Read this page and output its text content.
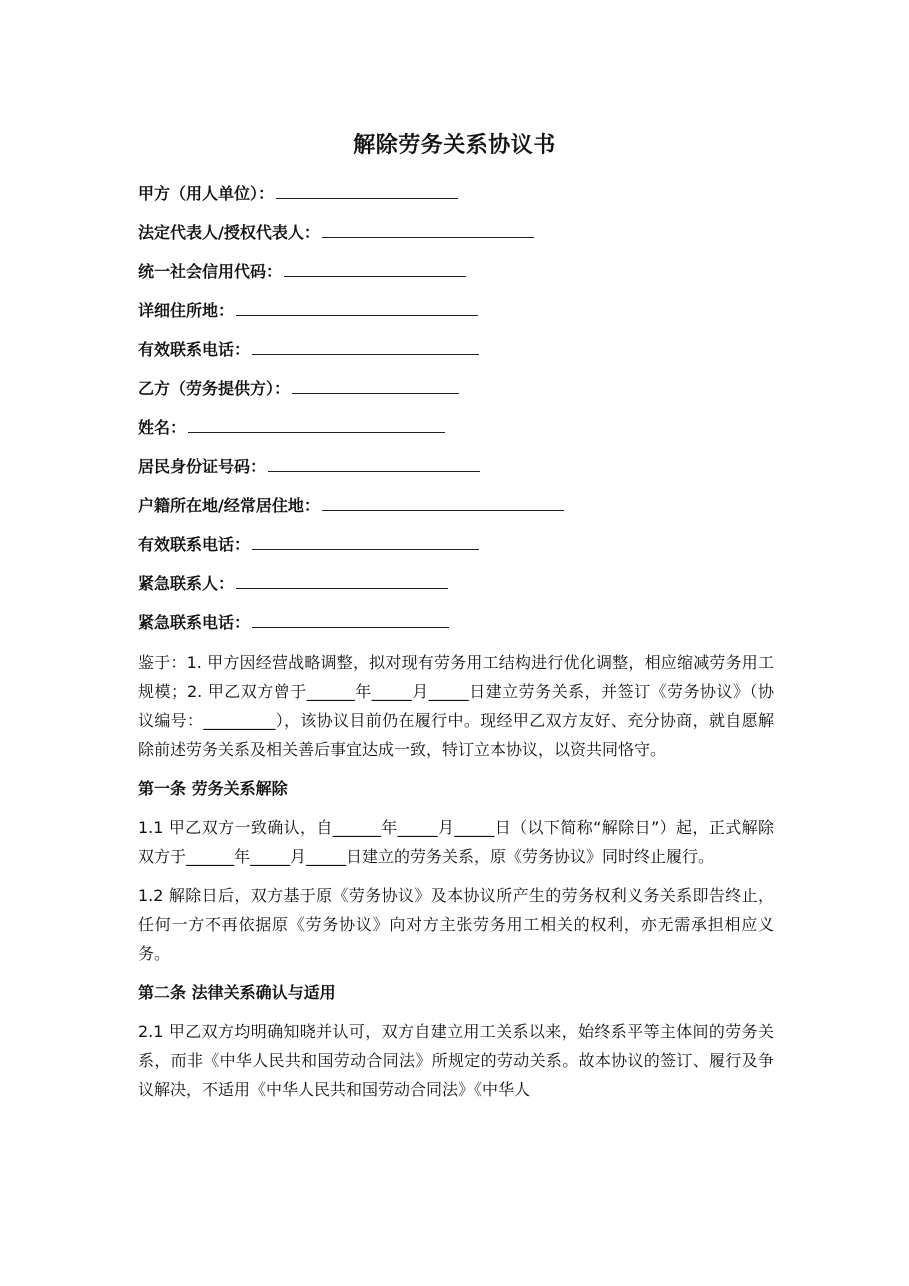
解除劳务关系协议书
甲方（用人单位）：
法定代表人/授权代表人：
统一社会信用代码：
详细住所地：
有效联系电话：
乙方（劳务提供方）：
姓名：
居民身份证号码：
户籍所在地/经常居住地：
有效联系电话：
紧急联系人：
紧急联系电话：

鉴于：1. 甲方因经营战略调整，拟对现有劳务用工结构进行优化调整，相应缩减劳务用工规模；2. 甲乙双方曾于______年_____月_____日建立劳务关系，并签订《劳务协议》（协议编号：_________），该协议目前仍在履行中。现经甲乙双方友好、充分协商，就自愿解除前述劳务关系及相关善后事宜达成一致，特订立本协议，以资共同恪守。

第一条 劳务关系解除

1.1 甲乙双方一致确认，自______年_____月_____日（以下简称“解除日”）起，正式解除双方于______年_____月_____日建立的劳务关系，原《劳务协议》同时终止履行。

1.2 解除日后，双方基于原《劳务协议》及本协议所产生的劳务权利义务关系即告终止，任何一方不再依据原《劳务协议》向对方主张劳务用工相关的权利，亦无需承担相应义务。

第二条 法律关系确认与适用

2.1 甲乙双方均明确知晓并认可，双方自建立用工关系以来，始终系平等主体间的劳务关系，而非《中华人民共和国劳动合同法》所规定的劳动关系。故本协议的签订、履行及争议解决，不适用《中华人民共和国劳动合同法》《中华人
